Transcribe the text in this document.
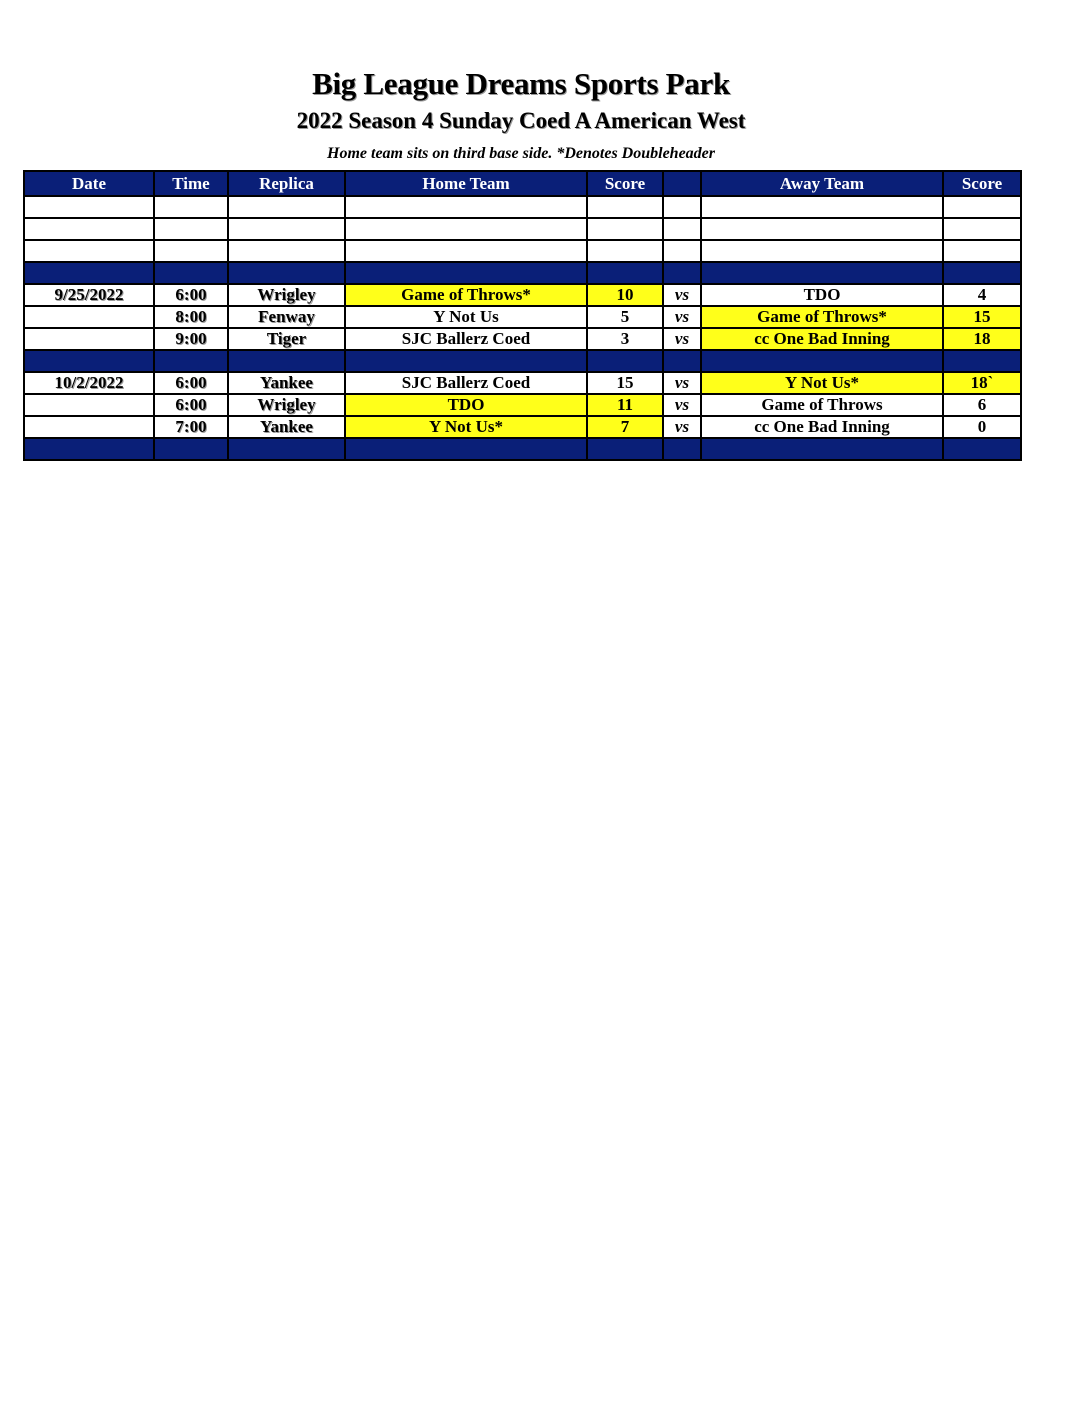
Big League Dreams Sports Park
2022 Season 4 Sunday Coed A American West
Home team sits on third base side. *Denotes Doubleheader
Date	Time	Replica	Home Team	Score		Away Team	Score

9/25/2022	6:00	Wrigley	Game of Throws*	10	vs	TDO	4
	8:00	Fenway	Y Not Us	5	vs	Game of Throws*	15
	9:00	Tiger	SJC Ballerz Coed	3	vs	cc One Bad Inning	18

10/2/2022	6:00	Yankee	SJC Ballerz Coed	15	vs	Y Not Us*	18`
	6:00	Wrigley	TDO	11	vs	Game of Throws	6
	7:00	Yankee	Y Not Us*	7	vs	cc One Bad Inning	0
